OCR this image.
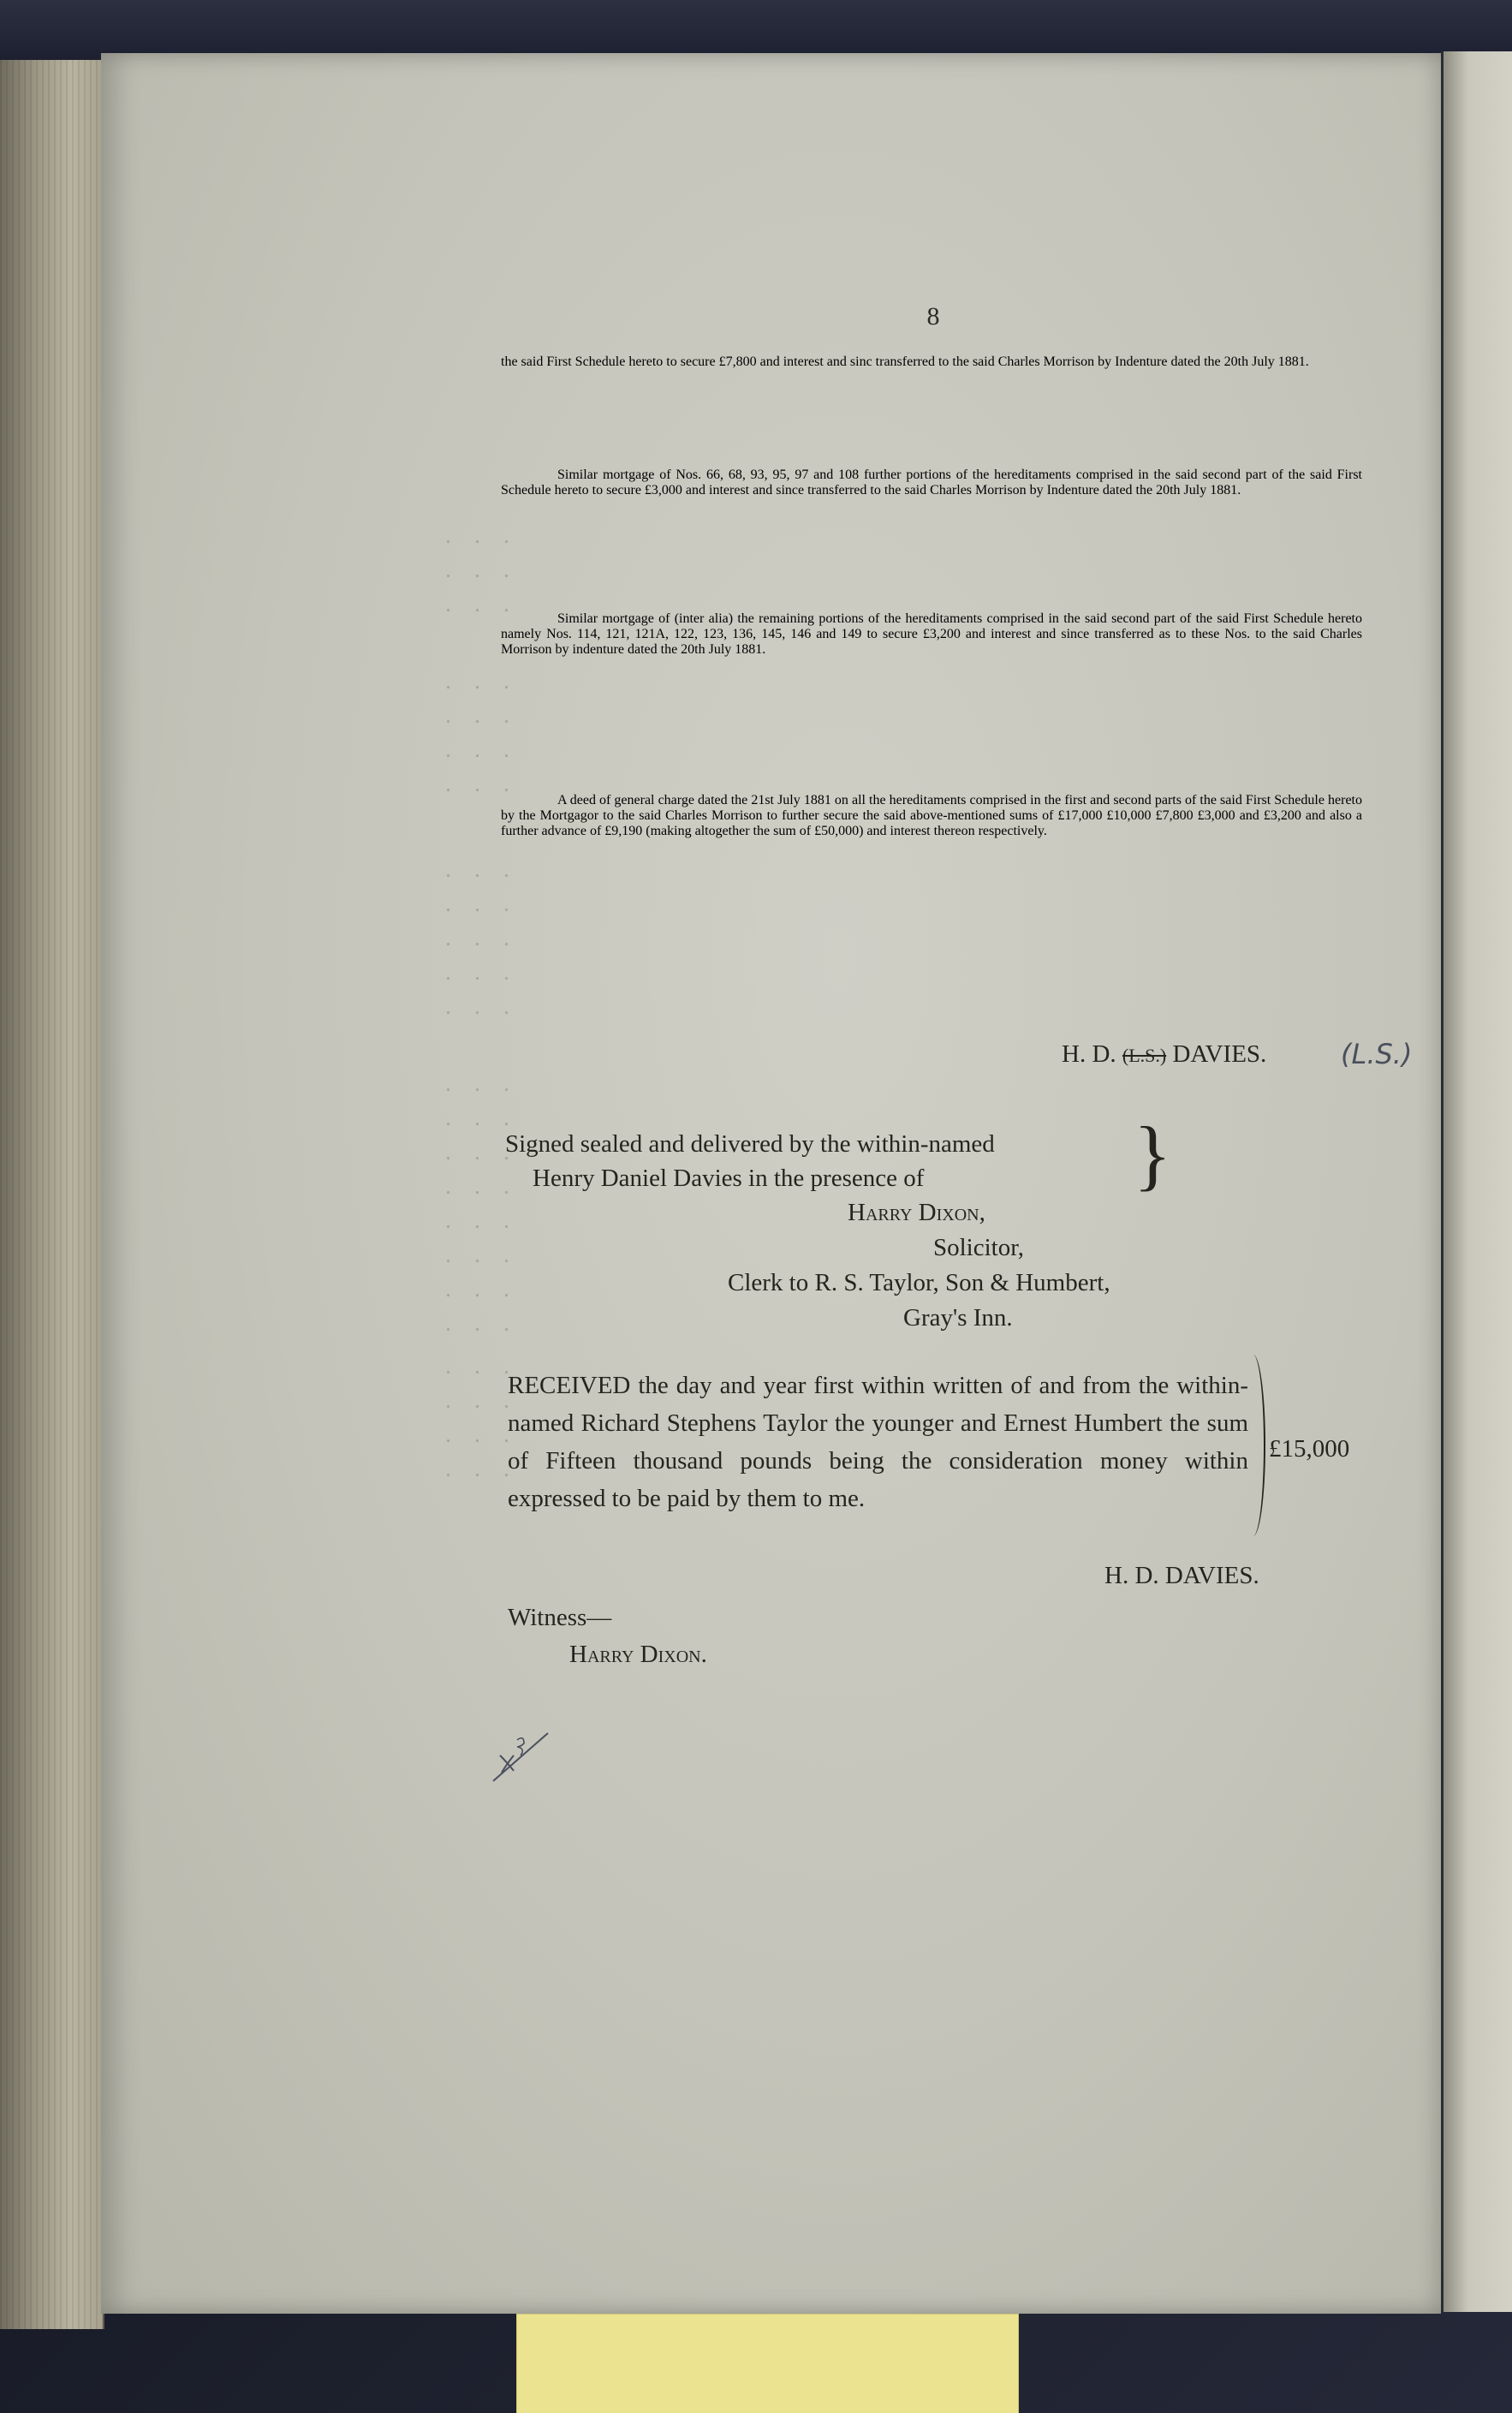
. . .
. . .
. . .
. . .
. . .
. . .
. . .
. . .
. . .
. . .
. . .
. . .
. . .
. . .
. . .
. . .
. . .
. . .
. . .
. . .
. . .
. . .
. . .
. . .
8

the said First Schedule hereto to secure £7,800 and interest and sinc transferred to the said Charles Morrison by Indenture dated the 20th July 1881.

Similar mortgage of Nos. 66, 68, 93, 95, 97 and 108 further portions of the hereditaments comprised in the said second part of the said First Schedule hereto to secure £3,000 and interest and since transferred to the said Charles Morrison by Indenture dated the 20th July 1881.

Similar mortgage of (inter alia) the remaining portions of the hereditaments comprised in the said second part of the said First Schedule hereto namely Nos. 114, 121, 121A, 122, 123, 136, 145, 146 and 149 to secure £3,200 and interest and since transferred as to these Nos. to the said Charles Morrison by indenture dated the 20th July 1881.

A deed of general charge dated the 21st July 1881 on all the hereditaments comprised in the first and second parts of the said First Schedule hereto by the Mortgagor to the said Charles Morrison to further secure the said above-mentioned sums of £17,000 £10,000 £7,800 £3,000 and £3,200 and also a further advance of £9,190 (making altogether the sum of £50,000) and interest thereon respectively.

H. D. (L.S.) DAVIES.	(L.S.)
Signed sealed and delivered by the within-named
Henry Daniel Davies in the presence of	}
Harry Dixon,
Solicitor,
Clerk to R. S. Taylor, Son & Humbert,
Gray's Inn.

RECEIVED the day and year first within written of and from the within-named Richard Stephens Taylor the younger and Ernest Humbert the sum of Fifteen thousand pounds being the consideration money within expressed to be paid by them to me.

£15,000
H. D. DAVIES.
Witness—
Harry Dixon.
